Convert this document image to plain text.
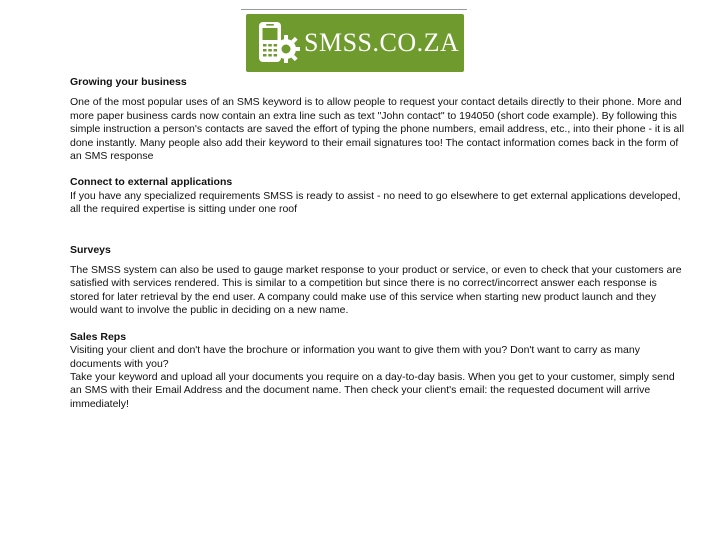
SMSS.CO.ZA

Growing your business

One of the most popular uses of an SMS keyword is to allow people to request your contact details directly to their phone. More and more paper business cards now contain an extra line such as text "John contact" to 194050 (short code example). By following this simple instruction a person's contacts are saved the effort of typing the phone numbers, email address, etc., into their phone - it is all done instantly. Many people also add their keyword to their email signatures too! The contact information comes back in the form of an SMS response

Connect to external applications

If you have any specialized requirements SMSS is ready to assist - no need to go elsewhere to get external applications developed, all the required expertise is sitting under one roof

Surveys

The SMSS system can also be used to gauge market response to your product or service, or even to check that your customers are satisfied with services rendered. This is similar to a competition but since there is no correct/incorrect answer each response is stored for later retrieval by the end user. A company could make use of this service when starting new product launch and they would want to involve the public in deciding on a new name.

Sales Reps

Visiting your client and don't have the brochure or information you want to give them with you? Don't want to carry as many documents with you?

Take your keyword and upload all your documents you require on a day-to-day basis. When you get to your customer, simply send an SMS with their Email Address and the document name. Then check your client's email: the requested document will arrive immediately!
